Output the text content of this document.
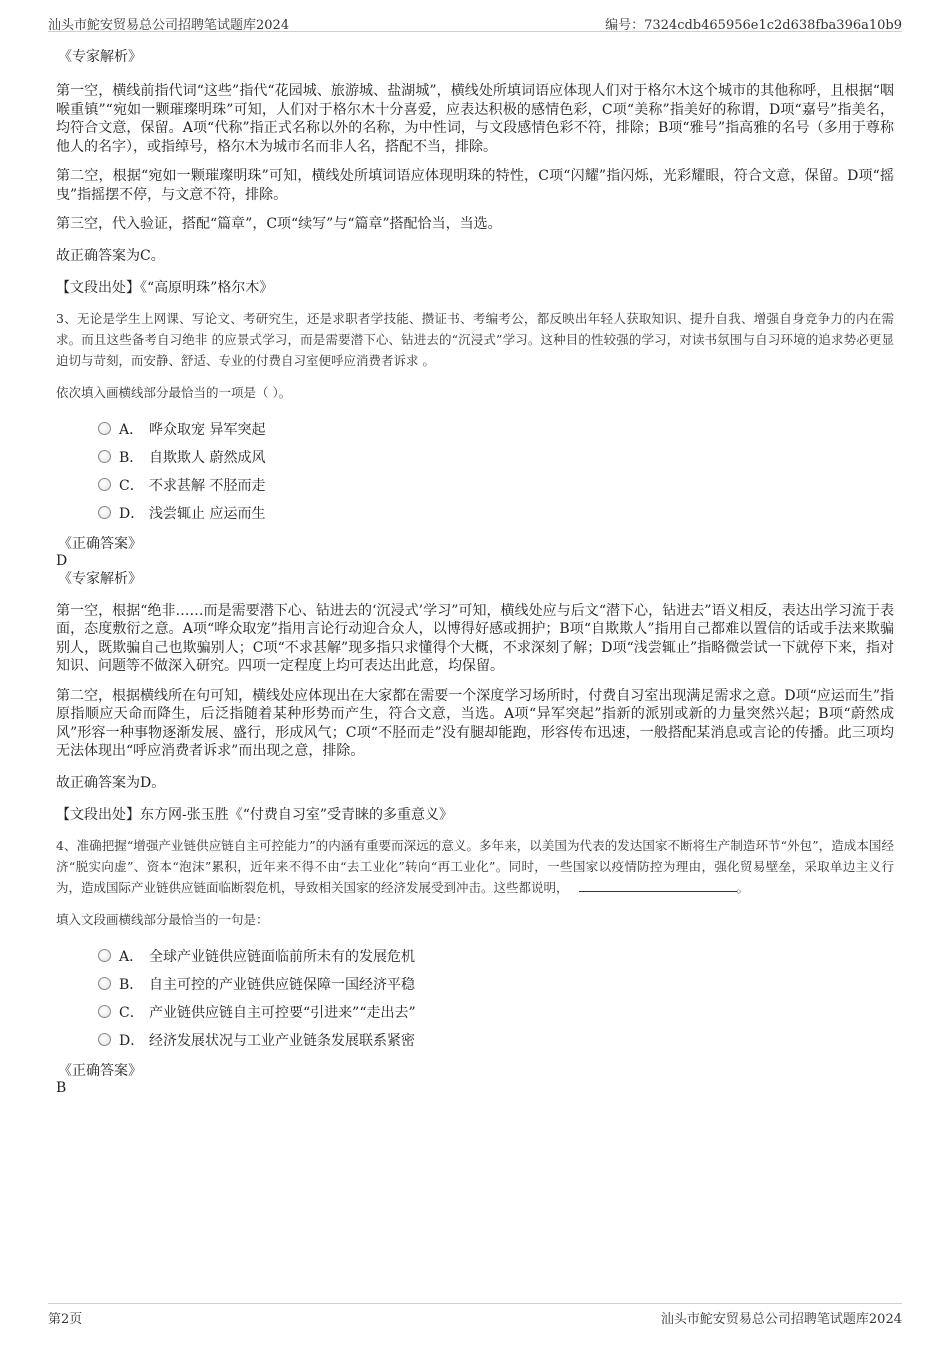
汕头市鮀安贸易总公司招聘笔试题库2024	编号：7324cdb465956e1c2d638fba396a10b9
《专家解析》

第一空，横线前指代词“这些”指代“花园城、旅游城、盐湖城”，横线处所填词语应体现人们对于格尔木这个城市的其他称呼，且根据“咽喉重镇”“宛如一颗璀璨明珠”可知，人们对于格尔木十分喜爱，应表达积极的感情色彩，C项“美称”指美好的称谓，D项“嘉号”指美名，均符合文意，保留。A项“代称”指正式名称以外的名称，为中性词，与文段感情色彩不符，排除；B项“雅号”指高雅的名号（多用于尊称他人的名字），或指绰号，格尔木为城市名而非人名，搭配不当，排除。

第二空，根据“宛如一颗璀璨明珠”可知，横线处所填词语应体现明珠的特性，C项“闪耀”指闪烁，光彩耀眼，符合文意，保留。D项“摇曳”指摇摆不停，与文意不符，排除。

第三空，代入验证，搭配“篇章”，C项“续写”与“篇章”搭配恰当，当选。

故正确答案为C。

【文段出处】《“高原明珠”格尔木》

3、无论是学生上网课、写论文、考研究生，还是求职者学技能、攒证书、考编考公，都反映出年轻人获取知识、提升自我、增强自身竞争力的内在需求。而且这些备考自习绝非 的应景式学习，而是需要潜下心、钻进去的“沉浸式”学习。这种目的性较强的学习，对读书氛围与自习环境的追求势必更显迫切与苛刻，而安静、舒适、专业的付费自习室便呼应消费者诉求 。

依次填入画横线部分最恰当的一项是（ ）。

A． 哗众取宠 异军突起
B． 自欺欺人 蔚然成风
C． 不求甚解 不胫而走
D． 浅尝辄止 应运而生
《正确答案》
D
《专家解析》

第一空，根据“绝非……而是需要潜下心、钻进去的‘沉浸式’学习”可知，横线处应与后文“潜下心，钻进去”语义相反，表达出学习流于表面，态度敷衍之意。A项“哗众取宠”指用言论行动迎合众人，以博得好感或拥护；B项“自欺欺人”指用自己都难以置信的话或手法来欺骗别人，既欺骗自己也欺骗别人；C项“不求甚解”现多指只求懂得个大概，不求深刻了解；D项“浅尝辄止”指略微尝试一下就停下来，指对知识、问题等不做深入研究。四项一定程度上均可表达出此意，均保留。

第二空，根据横线所在句可知，横线处应体现出在大家都在需要一个深度学习场所时，付费自习室出现满足需求之意。D项“应运而生”指原指顺应天命而降生，后泛指随着某种形势而产生，符合文意，当选。A项“异军突起”指新的派别或新的力量突然兴起；B项“蔚然成风”形容一种事物逐渐发展、盛行，形成风气；C项“不胫而走”没有腿却能跑，形容传布迅速，一般搭配某消息或言论的传播。此三项均无法体现出“呼应消费者诉求”而出现之意，排除。

故正确答案为D。

【文段出处】东方网-张玉胜《“付费自习室”受青睐的多重意义》

4、准确把握“增强产业链供应链自主可控能力”的内涵有重要而深远的意义。多年来，以美国为代表的发达国家不断将生产制造环节“外包”，造成本国经济“脱实向虚”、资本“泡沫”累积，近年来不得不由“去工业化”转向“再工业化”。同时，一些国家以疫情防控为理由，强化贸易壁垒，采取单边主义行为，造成国际产业链供应链面临断裂危机，导致相关国家的经济发展受到冲击。这些都说明，	。

填入文段画横线部分最恰当的一句是：

A． 全球产业链供应链面临前所未有的发展危机
B． 自主可控的产业链供应链保障一国经济平稳
C． 产业链供应链自主可控要“引进来”“走出去”
D． 经济发展状况与工业产业链条发展联系紧密
《正确答案》
B
第2页	汕头市鮀安贸易总公司招聘笔试题库2024
